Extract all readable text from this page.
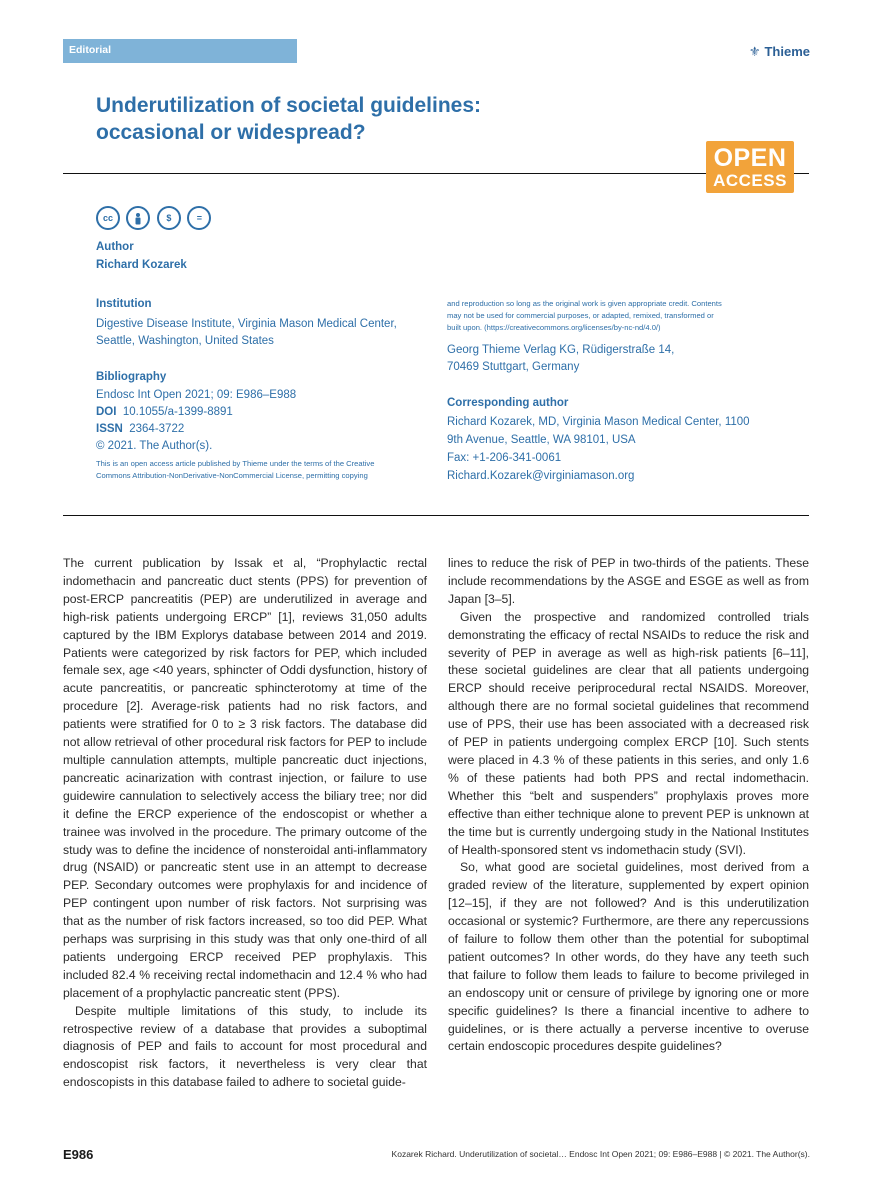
Editorial	⚜ Thieme
Underutilization of societal guidelines: occasional or widespread?
OPEN
ACCESS
cc	$	=
Author
Richard Kozarek
Institution
Digestive Disease Institute, Virginia Mason Medical Center,
Seattle, Washington, United States
Bibliography
Endosc Int Open 2021; 09: E986–E988
DOI 10.1055/a-1399-8891
ISSN 2364-3722
© 2021. The Author(s).
This is an open access article published by Thieme under the terms of the Creative
Commons Attribution-NonDerivative-NonCommercial License, permitting copying
and reproduction so long as the original work is given appropriate credit. Contents
may not be used for commercial purposes, or adapted, remixed, transformed or
built upon. (https://creativecommons.org/licenses/by-nc-nd/4.0/)
Georg Thieme Verlag KG, Rüdigerstraße 14,
70469 Stuttgart, Germany
Corresponding author
Richard Kozarek, MD, Virginia Mason Medical Center, 1100
9th Avenue, Seattle, WA 98101, USA
Fax: +1-206-341-0061
Richard.Kozarek@virginiamason.org

The current publication by Issak et al, “Prophylactic rectal indomethacin and pancreatic duct stents (PPS) for prevention of post-ERCP pancreatitis (PEP) are underutilized in average and high-risk patients undergoing ERCP” [1], reviews 31,050 adults captured by the IBM Explorys database between 2014 and 2019. Patients were categorized by risk factors for PEP, which included female sex, age <40 years, sphincter of Oddi dysfunction, history of acute pancreatitis, or pancreatic sphincterotomy at time of the procedure [2]. Average-risk patients had no risk factors, and patients were stratified for 0 to ≥ 3 risk factors. The database did not allow retrieval of other procedural risk factors for PEP to include multiple cannulation attempts, multiple pancreatic duct injections, pancreatic acinarization with contrast injection, or failure to use guidewire cannulation to selectively access the biliary tree; nor did it define the ERCP experience of the endoscopist or whether a trainee was involved in the procedure. The primary outcome of the study was to define the incidence of nonsteroidal anti-inflammatory drug (NSAID) or pancreatic stent use in an attempt to decrease PEP. Secondary outcomes were prophylaxis for and incidence of PEP contingent upon number of risk factors. Not surprising was that as the number of risk factors increased, so too did PEP. What perhaps was surprising in this study was that only one-third of all patients undergoing ERCP received PEP prophylaxis. This included 82.4 % receiving rectal indomethacin and 12.4 % who had placement of a prophylactic pancreatic stent (PPS).

Despite multiple limitations of this study, to include its retrospective review of a database that provides a suboptimal diagnosis of PEP and fails to account for most procedural and endoscopist risk factors, it nevertheless is very clear that endoscopists in this database failed to adhere to societal guide-

lines to reduce the risk of PEP in two-thirds of the patients. These include recommendations by the ASGE and ESGE as well as from Japan [3–5].

Given the prospective and randomized controlled trials demonstrating the efficacy of rectal NSAIDs to reduce the risk and severity of PEP in average as well as high-risk patients [6–11], these societal guidelines are clear that all patients undergoing ERCP should receive periprocedural rectal NSAIDS. Moreover, although there are no formal societal guidelines that recommend use of PPS, their use has been associated with a decreased risk of PEP in patients undergoing complex ERCP [10]. Such stents were placed in 4.3 % of these patients in this series, and only 1.6 % of these patients had both PPS and rectal indomethacin. Whether this “belt and suspenders” prophylaxis proves more effective than either technique alone to prevent PEP is unknown at the time but is currently undergoing study in the National Institutes of Health-sponsored stent vs indomethacin study (SVI).

So, what good are societal guidelines, most derived from a graded review of the literature, supplemented by expert opinion [12–15], if they are not followed? And is this underutilization occasional or systemic? Furthermore, are there any repercussions of failure to follow them other than the potential for suboptimal patient outcomes? In other words, do they have any teeth such that failure to follow them leads to failure to become privileged in an endoscopy unit or censure of privilege by ignoring one or more specific guidelines? Is there a financial incentive to adhere to guidelines, or is there actually a perverse incentive to overuse certain endoscopic procedures despite guidelines?

E986	Kozarek Richard. Underutilization of societal… Endosc Int Open 2021; 09: E986–E988 | © 2021. The Author(s).
